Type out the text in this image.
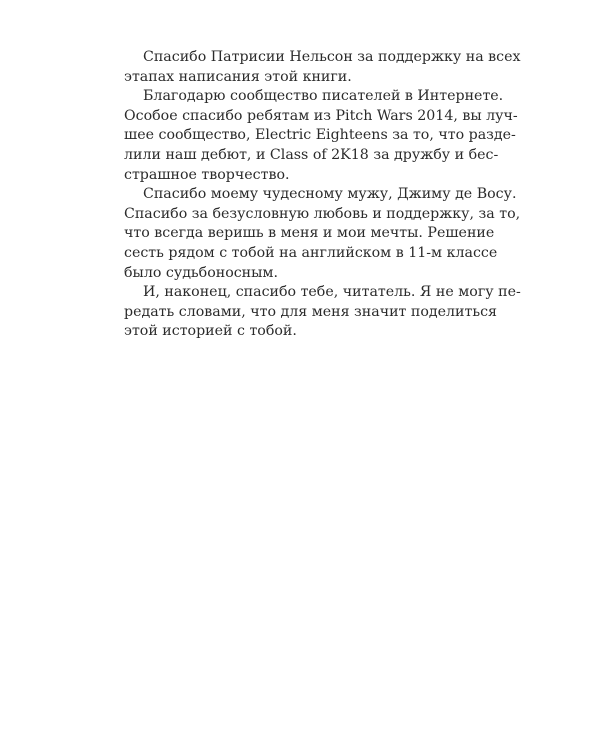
Спасибо Патрисии Нельсон за поддержку на всех
этапах написания этой книги.
Благодарю сообщество писателей в Интернете.
Особое спасибо ребятам из Pitch Wars 2014, вы луч-
шее сообщество, Electric Eighteens за то, что разде-
лили наш дебют, и Class of 2K18 за дружбу и бес-
страшное творчество.
Спасибо моему чудесному мужу, Джиму де Восу.
Спасибо за безусловную любовь и поддержку, за то,
что всегда веришь в меня и мои мечты. Решение
сесть рядом с тобой на английском в 11-м классе
было судьбоносным.
И, наконец, спасибо тебе, читатель. Я не могу пе-
редать словами, что для меня значит поделиться
этой историей с тобой.
